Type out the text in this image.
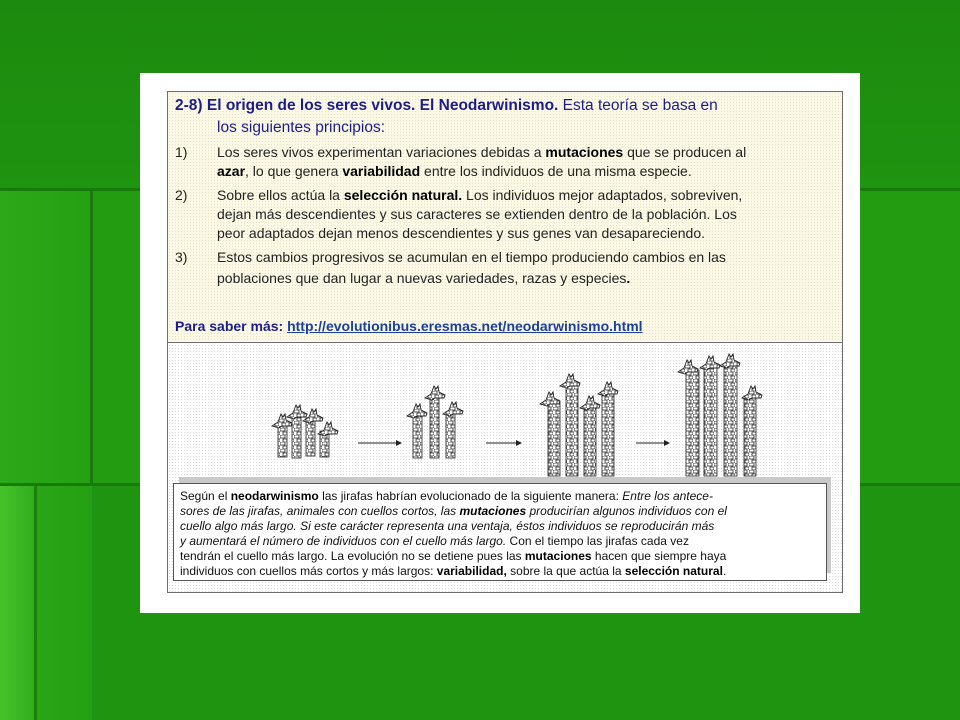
2-8) El origen de los seres vivos. El Neodarwinismo. Esta teoría se basa en
los siguientes principios:
1) Los seres vivos experimentan variaciones debidas a mutaciones que se producen al
azar, lo que genera variabilidad entre los individuos de una misma especie.
2) Sobre ellos actúa la selección natural. Los individuos mejor adaptados, sobreviven,
dejan más descendientes y sus caracteres se extienden dentro de la población. Los
peor adaptados dejan menos descendientes y sus genes van desapareciendo.
3) Estos cambios progresivos se acumulan en el tiempo produciendo cambios en las
poblaciones que dan lugar a nuevas variedades, razas y especies.
Para saber más: http://evolutionibus.eresmas.net/neodarwinismo.html
Según el neodarwinismo las jirafas habrían evolucionado de la siguiente manera: Entre los antece-
sores de las jirafas, animales con cuellos cortos, las mutaciones producirían algunos individuos con el
cuello algo más largo. Si este carácter representa una ventaja, éstos individuos se reproducirán más
y aumentará el número de individuos con el cuello más largo. Con el tiempo las jirafas cada vez
tendrán el cuello más largo. La evolución no se detiene pues las mutaciones hacen que siempre haya
individuos con cuellos más cortos y más largos: variabilidad, sobre la que actúa la selección natural.
